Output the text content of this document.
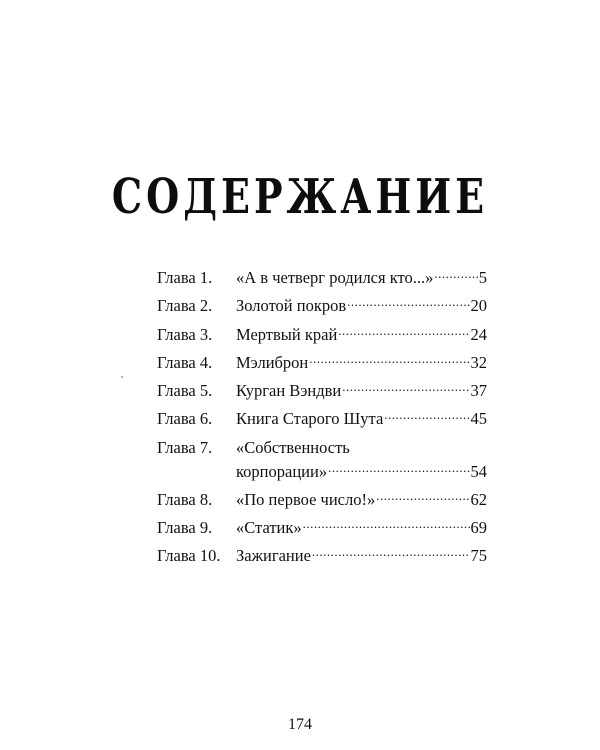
СОДЕРЖАНИЕ
Глава 1.	«А в четверг родился кто...» .....	5
Глава 2.	Золотой покров .....	20
Глава 3.	Мертвый край .....	24
Глава 4.	Мэлиброн .....	32
Глава 5.	Курган Вэндви .....	37
Глава 6.	Книга Старого Шута .....	45
Глава 7.	«Собственность
корпорации» .....	54
Глава 8.	«По первое число!» .....	62
Глава 9.	«Статик» .....	69
Глава 10. Зажигание .....	75
174
